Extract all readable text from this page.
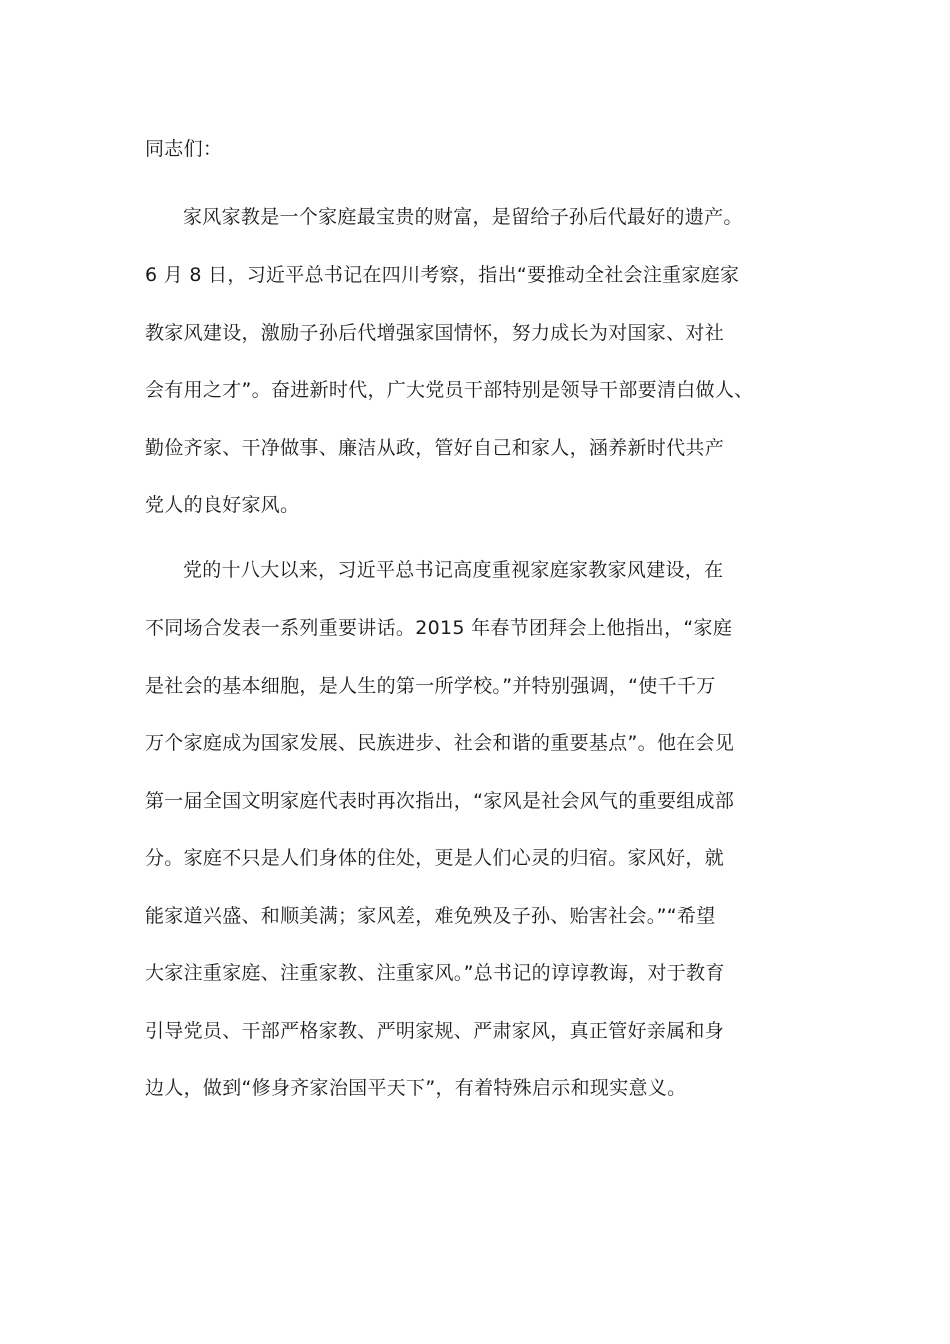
同志们：

家风家教是一个家庭最宝贵的财富，是留给子孙后代最好的遗产。

6 月 8 日，习近平总书记在四川考察，指出“要推动全社会注重家庭家

教家风建设，激励子孙后代增强家国情怀，努力成长为对国家、对社

会有用之才”。奋进新时代，广大党员干部特别是领导干部要清白做人、

勤俭齐家、干净做事、廉洁从政，管好自己和家人，涵养新时代共产

党人的良好家风。

党的十八大以来，习近平总书记高度重视家庭家教家风建设，在

不同场合发表一系列重要讲话。2015 年春节团拜会上他指出，“家庭

是社会的基本细胞，是人生的第一所学校。”并特别强调，“使千千万

万个家庭成为国家发展、民族进步、社会和谐的重要基点”。他在会见

第一届全国文明家庭代表时再次指出，“家风是社会风气的重要组成部

分。家庭不只是人们身体的住处，更是人们心灵的归宿。家风好，就

能家道兴盛、和顺美满；家风差，难免殃及子孙、贻害社会。”“希望

大家注重家庭、注重家教、注重家风。”总书记的谆谆教诲，对于教育

引导党员、干部严格家教、严明家规、严肃家风，真正管好亲属和身

边人，做到“修身齐家治国平天下”，有着特殊启示和现实意义。
